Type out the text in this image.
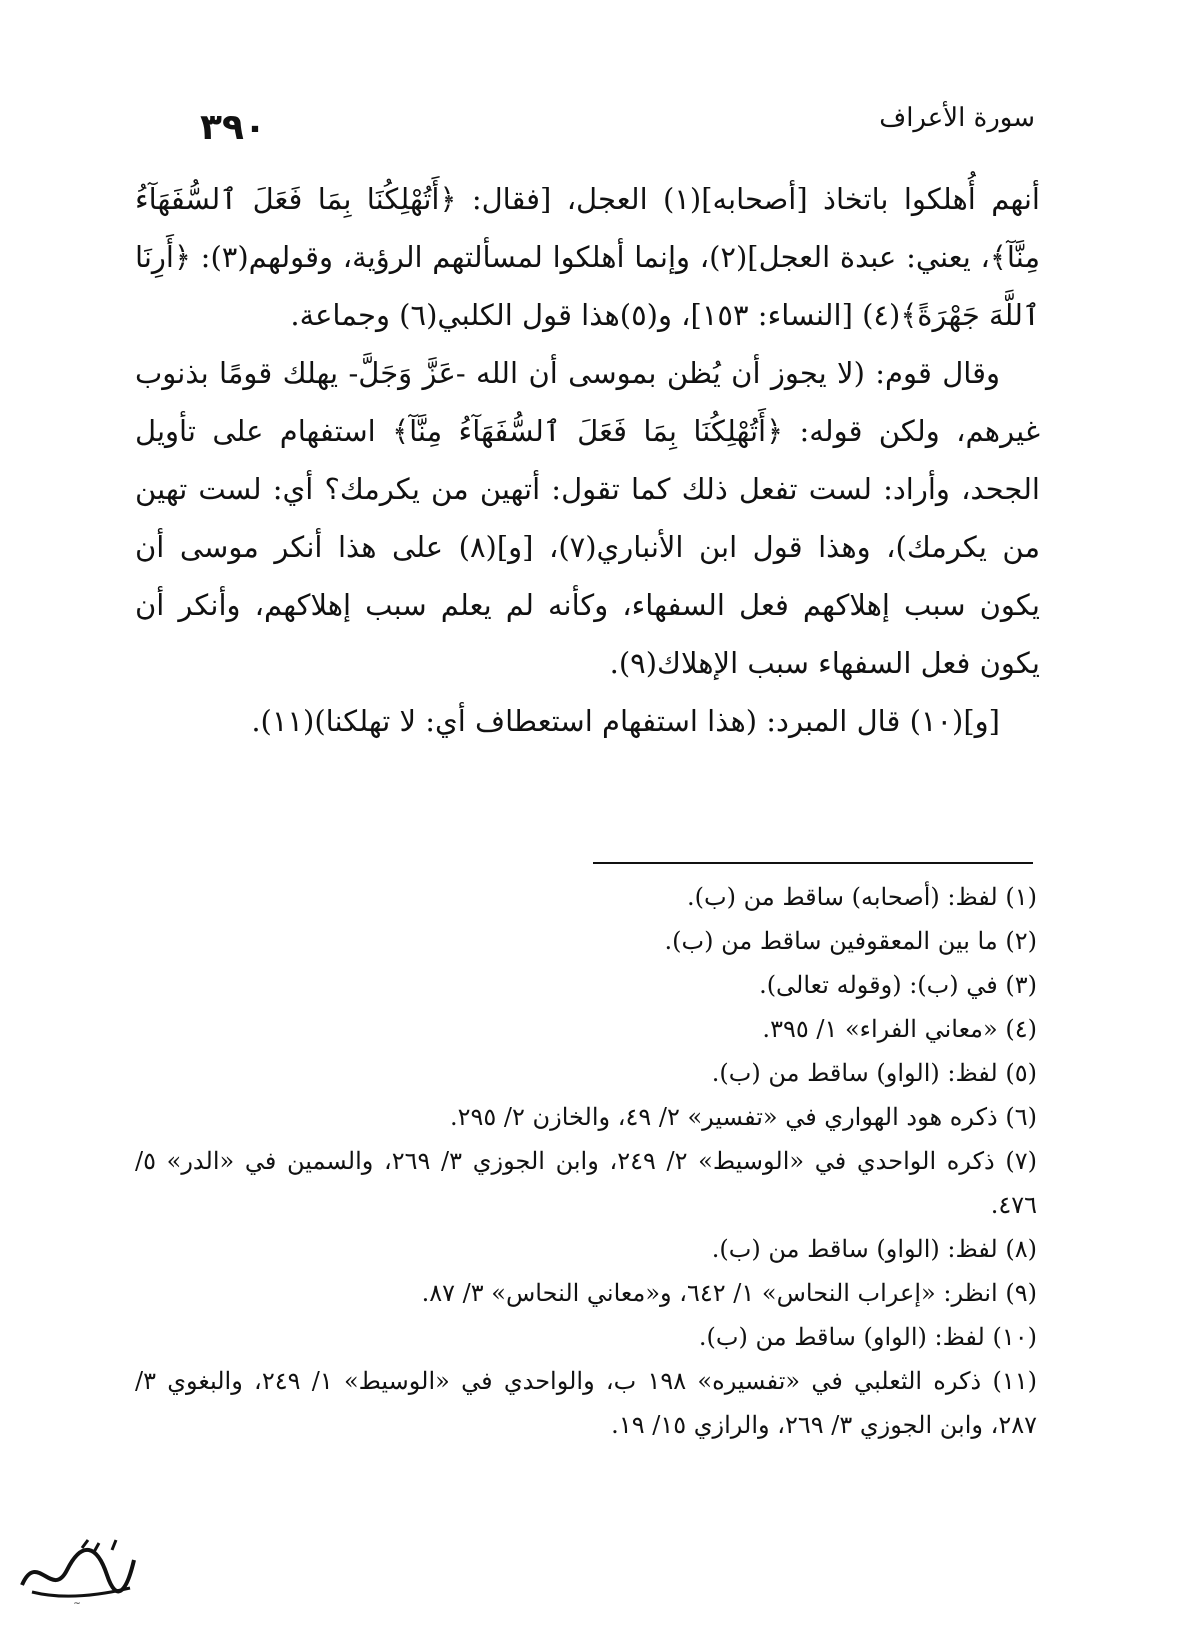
٣٩٠	سورة الأعراف

أنهم أُهلكوا باتخاذ [أصحابه](١) العجل، [فقال: ﴿أَتُهْلِكُنَا بِمَا فَعَلَ ٱلسُّفَهَآءُ مِنَّآ﴾، يعني: عبدة العجل](٢)، وإنما أهلكوا لمسألتهم الرؤية، وقولهم(٣): ﴿أَرِنَا ٱللَّهَ جَهْرَةً﴾(٤) [النساء: ١٥٣]، و(٥)هذا قول الكلبي(٦) وجماعة.

وقال قوم: (لا يجوز أن يُظن بموسى أن الله -عَزَّ وَجَلَّ- يهلك قومًا بذنوب غيرهم، ولكن قوله: ﴿أَتُهْلِكُنَا بِمَا فَعَلَ ٱلسُّفَهَآءُ مِنَّآ﴾ استفهام على تأويل الجحد، وأراد: لست تفعل ذلك كما تقول: أتهين من يكرمك؟ أي: لست تهين من يكرمك)، وهذا قول ابن الأنباري(٧)، [و](٨) على هذا أنكر موسى أن يكون سبب إهلاكهم فعل السفهاء، وكأنه لم يعلم سبب إهلاكهم، وأنكر أن يكون فعل السفهاء سبب الإهلاك(٩).

[و](١٠) قال المبرد: (هذا استفهام استعطاف أي: لا تهلكنا)(١١).

(١) لفظ: (أصحابه) ساقط من (ب).

(٢) ما بين المعقوفين ساقط من (ب).

(٣) في (ب): (وقوله تعالى).

(٤) «معاني الفراء» ١/ ٣٩٥.

(٥) لفظ: (الواو) ساقط من (ب).

(٦) ذكره هود الهواري في «تفسير» ٢/ ٤٩، والخازن ٢/ ٢٩٥.

(٧) ذكره الواحدي في «الوسيط» ٢/ ٢٤٩، وابن الجوزي ٣/ ٢٦٩، والسمين في «الدر» ٥/ ٤٧٦.

(٨) لفظ: (الواو) ساقط من (ب).

(٩) انظر: «إعراب النحاس» ١/ ٦٤٢، و«معاني النحاس» ٣/ ٨٧.

(١٠) لفظ: (الواو) ساقط من (ب).

(١١) ذكره الثعلبي في «تفسيره» ١٩٨ ب، والواحدي في «الوسيط» ١/ ٢٤٩، والبغوي ٣/ ٢٨٧، وابن الجوزي ٣/ ٢٦٩، والرازي ١٥/ ١٩.

~
